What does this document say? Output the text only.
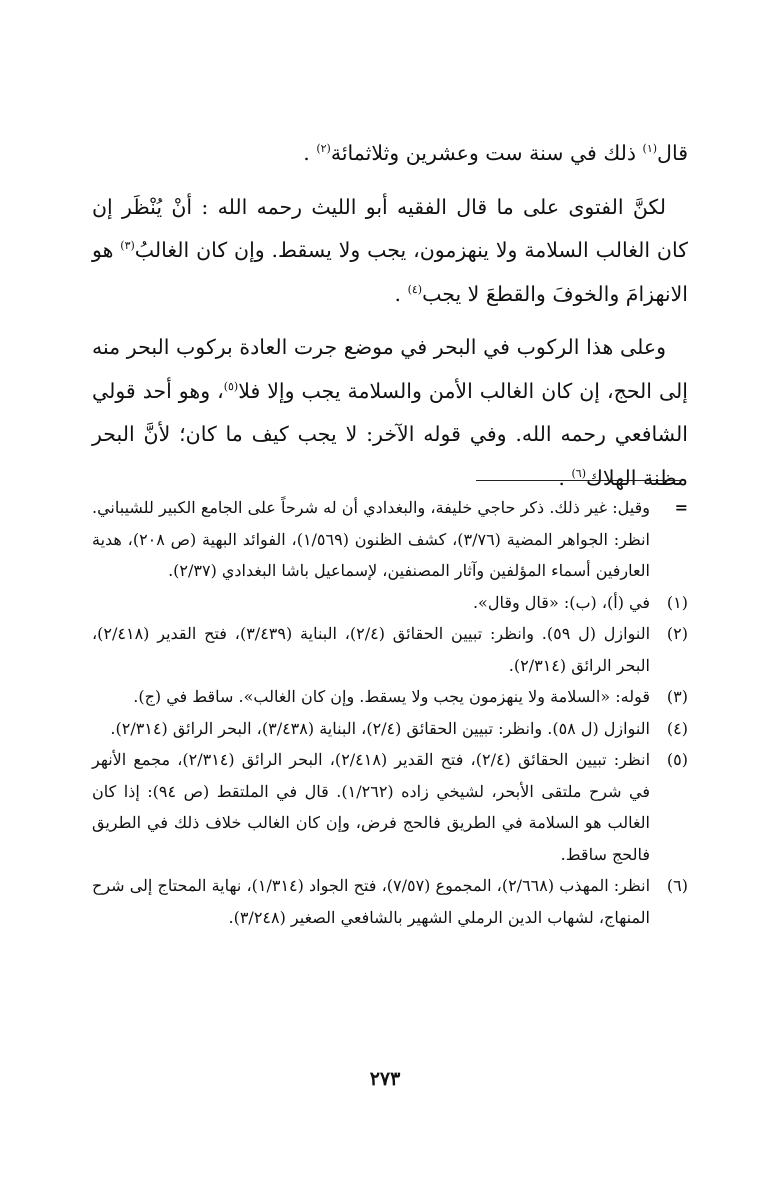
قال$^{(١)}$ ذلك في سنة ست وعشرين وثلاثمائة$^{(٢)}$ .

لكنَّ الفتوى على ما قال الفقيه أبو الليث رحمه الله : أنْ يُنْظَر إن كان الغالب السلامة ولا ينهزمون، يجب ولا يسقط. وإن كان الغالبُ$^{(٣)}$ هو الانهزامَ والخوفَ والقطعَ لا يجب$^{(٤)}$ .

وعلى هذا الركوب في البحر في موضع جرت العادة بركوب البحر منه إلى الحج، إن كان الغالب الأمن والسلامة يجب وإلا فلا$^{(٥)}$، وهو أحد قولي الشافعي رحمه الله. وفي قوله الآخر: لا يجب كيف ما كان؛ لأنَّ البحر مظنة الهلاك$^{(٦)}$ .

=
وقيل: غير ذلك. ذكر حاجي خليفة، والبغدادي أن له شرحاً على الجامع الكبير للشيباني. انظر: الجواهر المضية (٣/٧٦)، كشف الظنون (١/٥٦٩)، الفوائد البهية (ص ٢٠٨)، هدية العارفين أسماء المؤلفين وآثار المصنفين، لإسماعيل باشا البغدادي (٢/٣٧).
(١)
في (أ)، (ب): «قال وقال».
(٢)
النوازل (ل ٥٩). وانظر: تبيين الحقائق (٢/٤)، البناية (٣/٤٣٩)، فتح القدير (٢/٤١٨)، البحر الرائق (٢/٣١٤).
(٣)
قوله: «السلامة ولا ينهزمون يجب ولا يسقط. وإن كان الغالب». ساقط في (ج).
(٤)
النوازل (ل ٥٨). وانظر: تبيين الحقائق (٢/٤)، البناية (٣/٤٣٨)، البحر الرائق (٢/٣١٤).
(٥)
انظر: تبيين الحقائق (٢/٤)، فتح القدير (٢/٤١٨)، البحر الرائق (٢/٣١٤)، مجمع الأنهر في شرح ملتقى الأبحر، لشيخي زاده (١/٢٦٢). قال في الملتقط (ص ٩٤): إذا كان الغالب هو السلامة في الطريق فالحج فرض، وإن كان الغالب خلاف ذلك في الطريق فالحج ساقط.
(٦)
انظر: المهذب (٢/٦٦٨)، المجموع (٧/٥٧)، فتح الجواد (١/٣١٤)، نهاية المحتاج إلى شرح المنهاج، لشهاب الدين الرملي الشهير بالشافعي الصغير (٣/٢٤٨).
٢٧٣
